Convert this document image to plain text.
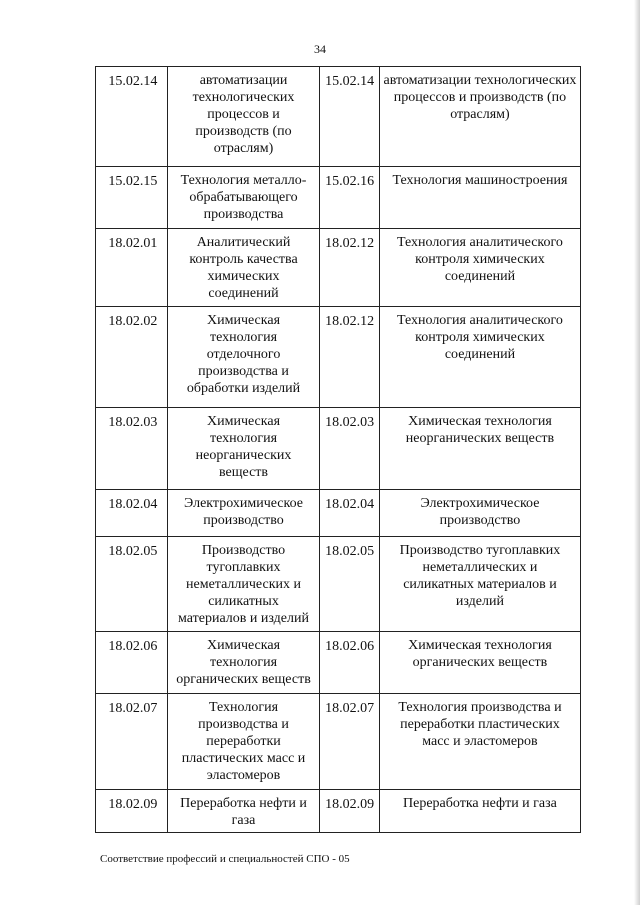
34
15.02.14	автоматизации технологических процессов и производств (по отраслям)	15.02.14	автоматизации технологических процессов и производств (по отраслям)
15.02.15	Технология металло-обрабатывающего производства	15.02.16	Технология машиностроения
18.02.01	Аналитический контроль качества химических соединений	18.02.12	Технология аналитического контроля химических соединений
18.02.02	Химическая технология отделочного производства и обработки изделий	18.02.12	Технология аналитического контроля химических соединений
18.02.03	Химическая технология неорганических веществ	18.02.03	Химическая технология неорганических веществ
18.02.04	Электрохимическое производство	18.02.04	Электрохимическое производство
18.02.05	Производство тугоплавких неметаллических и силикатных материалов и изделий	18.02.05	Производство тугоплавких неметаллических и силикатных материалов и изделий
18.02.06	Химическая технология органических веществ	18.02.06	Химическая технология органических веществ
18.02.07	Технология производства и переработки пластических масс и эластомеров	18.02.07	Технология производства и переработки пластических масс и эластомеров
18.02.09	Переработка нефти и газа	18.02.09	Переработка нефти и газа
Соответствие профессий и специальностей СПО - 05
